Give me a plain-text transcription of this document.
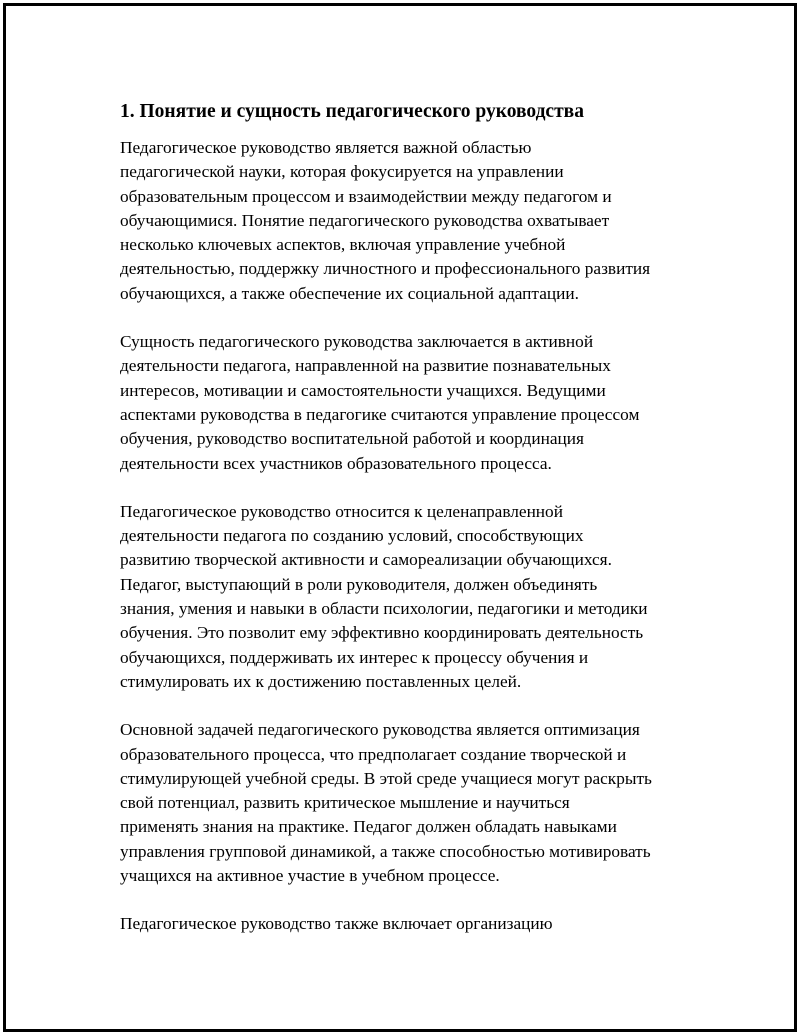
1. Понятие и сущность педагогического руководства
Педагогическое руководство является важной областью
педагогической науки, которая фокусируется на управлении
образовательным процессом и взаимодействии между педагогом и
обучающимися. Понятие педагогического руководства охватывает
несколько ключевых аспектов, включая управление учебной
деятельностью, поддержку личностного и профессионального развития
обучающихся, а также обеспечение их социальной адаптации.
Сущность педагогического руководства заключается в активной
деятельности педагога, направленной на развитие познавательных
интересов, мотивации и самостоятельности учащихся. Ведущими
аспектами руководства в педагогике считаются управление процессом
обучения, руководство воспитательной работой и координация
деятельности всех участников образовательного процесса.
Педагогическое руководство относится к целенаправленной
деятельности педагога по созданию условий, способствующих
развитию творческой активности и самореализации обучающихся.
Педагог, выступающий в роли руководителя, должен объединять
знания, умения и навыки в области психологии, педагогики и методики
обучения. Это позволит ему эффективно координировать деятельность
обучающихся, поддерживать их интерес к процессу обучения и
стимулировать их к достижению поставленных целей.
Основной задачей педагогического руководства является оптимизация
образовательного процесса, что предполагает создание творческой и
стимулирующей учебной среды. В этой среде учащиеся могут раскрыть
свой потенциал, развить критическое мышление и научиться
применять знания на практике. Педагог должен обладать навыками
управления групповой динамикой, а также способностью мотивировать
учащихся на активное участие в учебном процессе.
Педагогическое руководство также включает организацию
